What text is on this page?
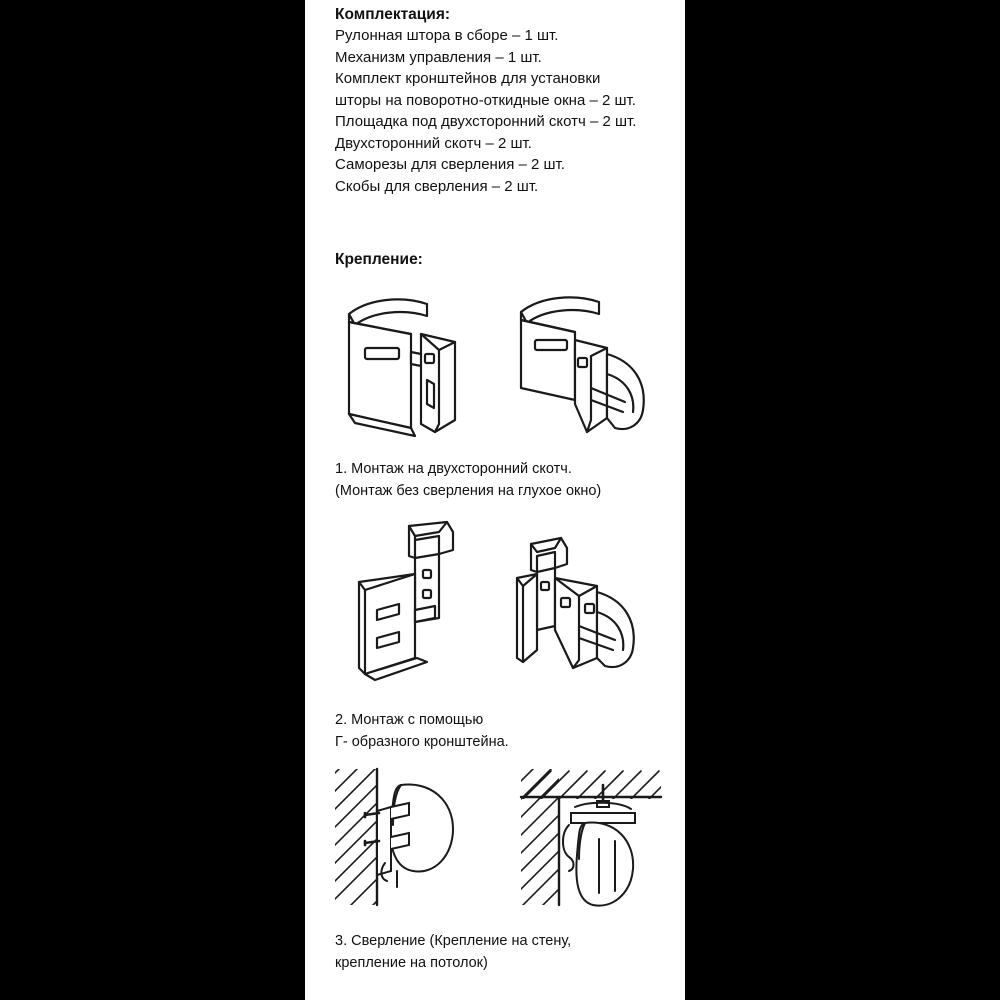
Комплектация:

Рулонная штора в сборе – 1 шт.

Механизм управления – 1 шт.

Комплект кронштейнов для установки

шторы на поворотно-откидные окна – 2 шт.

Площадка под двухсторонний скотч – 2 шт.

Двухсторонний скотч – 2 шт.

Саморезы для сверления – 2 шт.

Скобы для сверления – 2 шт.

Крепление:

1. Монтаж на двухсторонний скотч.

(Монтаж без сверления на глухое окно)

2. Монтаж с помощью

Г- образного кронштейна.

3. Сверление (Крепление на стену,

крепление на потолок)
